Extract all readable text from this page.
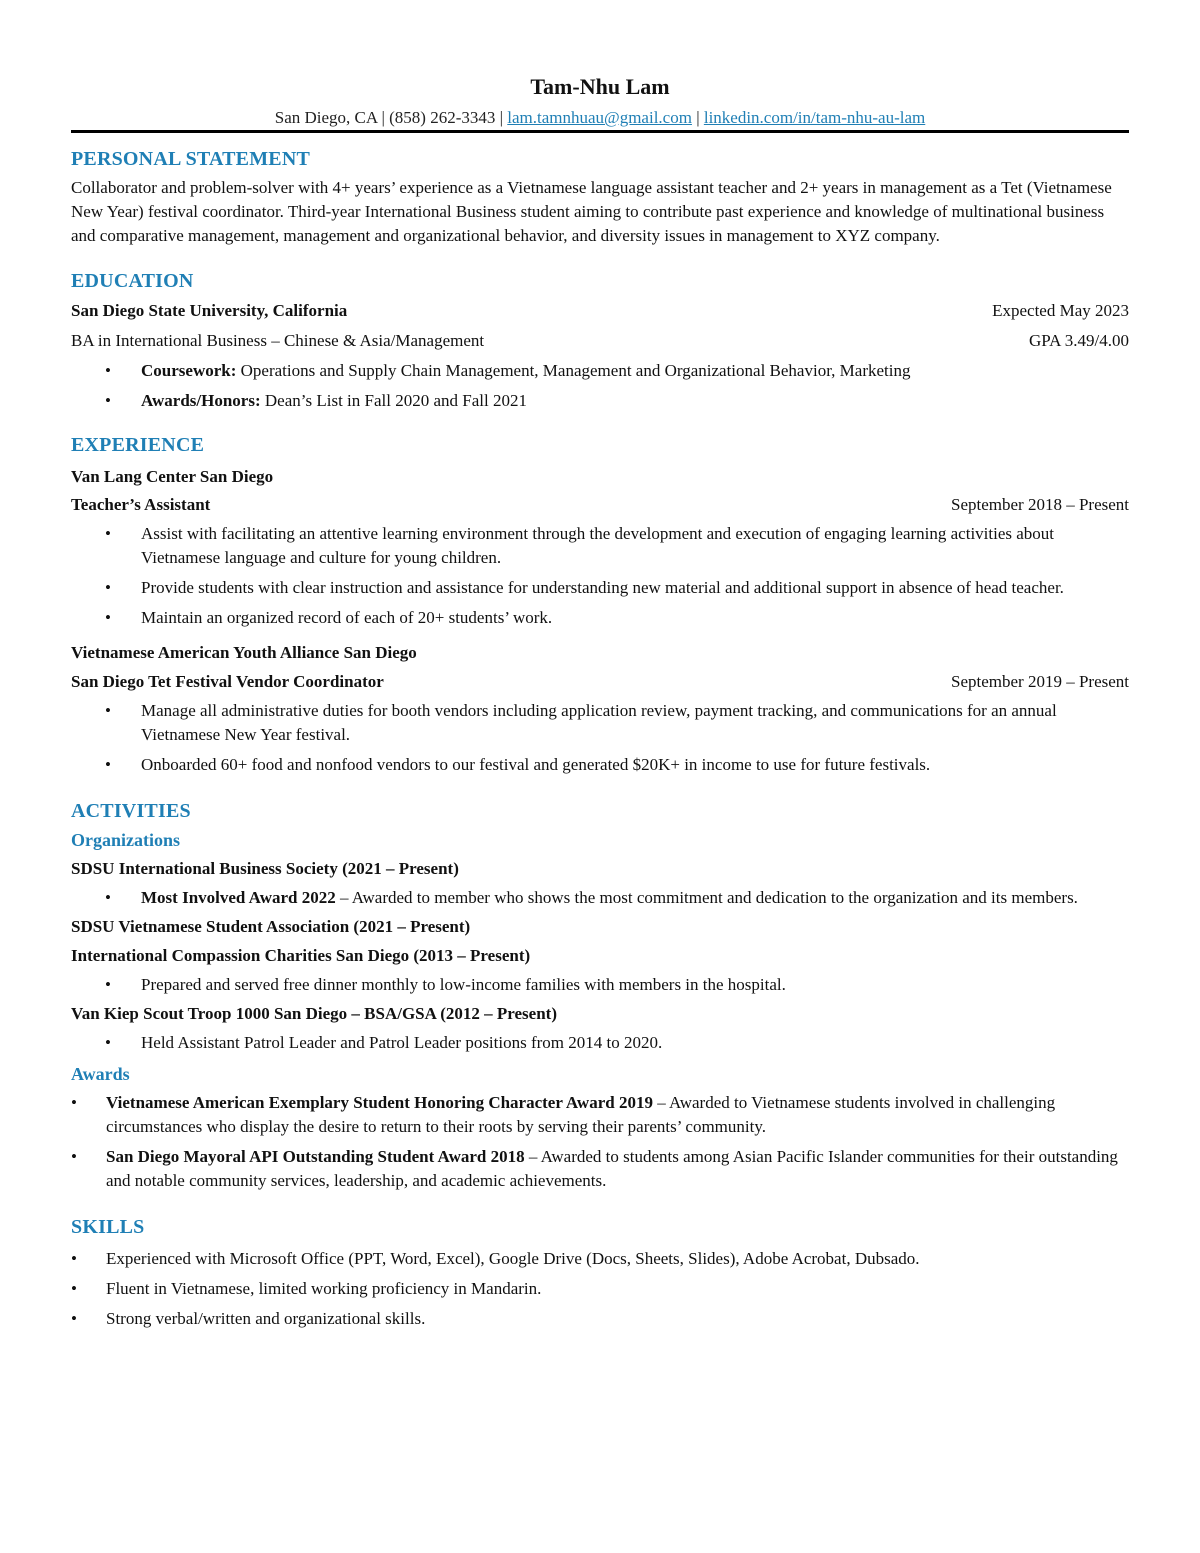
Tam-Nhu Lam
San Diego, CA | (858) 262-3343 | lam.tamnhuau@gmail.com | linkedin.com/in/tam-nhu-au-lam
PERSONAL STATEMENT
Collaborator and problem-solver with 4+ years’ experience as a Vietnamese language assistant teacher and 2+ years in management as a Tet (Vietnamese New Year) festival coordinator. Third-year International Business student aiming to contribute past experience and knowledge of multinational business and comparative management, management and organizational behavior, and diversity issues in management to XYZ company.
EDUCATION
San Diego State University, California	Expected May 2023
BA in International Business – Chinese & Asia/Management	GPA 3.49/4.00
• Coursework: Operations and Supply Chain Management, Management and Organizational Behavior, Marketing
• Awards/Honors: Dean’s List in Fall 2020 and Fall 2021
EXPERIENCE
Van Lang Center San Diego
Teacher’s Assistant	September 2018 – Present
• Assist with facilitating an attentive learning environment through the development and execution of engaging learning activities about Vietnamese language and culture for young children.
• Provide students with clear instruction and assistance for understanding new material and additional support in absence of head teacher.
• Maintain an organized record of each of 20+ students’ work.
Vietnamese American Youth Alliance San Diego
San Diego Tet Festival Vendor Coordinator	September 2019 – Present
• Manage all administrative duties for booth vendors including application review, payment tracking, and communications for an annual Vietnamese New Year festival.
• Onboarded 60+ food and nonfood vendors to our festival and generated $20K+ in income to use for future festivals.
ACTIVITIES
Organizations
SDSU International Business Society (2021 – Present)
• Most Involved Award 2022 – Awarded to member who shows the most commitment and dedication to the organization and its members.
SDSU Vietnamese Student Association (2021 – Present)
International Compassion Charities San Diego (2013 – Present)
• Prepared and served free dinner monthly to low-income families with members in the hospital.
Van Kiep Scout Troop 1000 San Diego – BSA/GSA (2012 – Present)
• Held Assistant Patrol Leader and Patrol Leader positions from 2014 to 2020.
Awards
• Vietnamese American Exemplary Student Honoring Character Award 2019 – Awarded to Vietnamese students involved in challenging circumstances who display the desire to return to their roots by serving their parents’ community.
• San Diego Mayoral API Outstanding Student Award 2018 – Awarded to students among Asian Pacific Islander communities for their outstanding and notable community services, leadership, and academic achievements.
SKILLS
• Experienced with Microsoft Office (PPT, Word, Excel), Google Drive (Docs, Sheets, Slides), Adobe Acrobat, Dubsado.
• Fluent in Vietnamese, limited working proficiency in Mandarin.
• Strong verbal/written and organizational skills.
